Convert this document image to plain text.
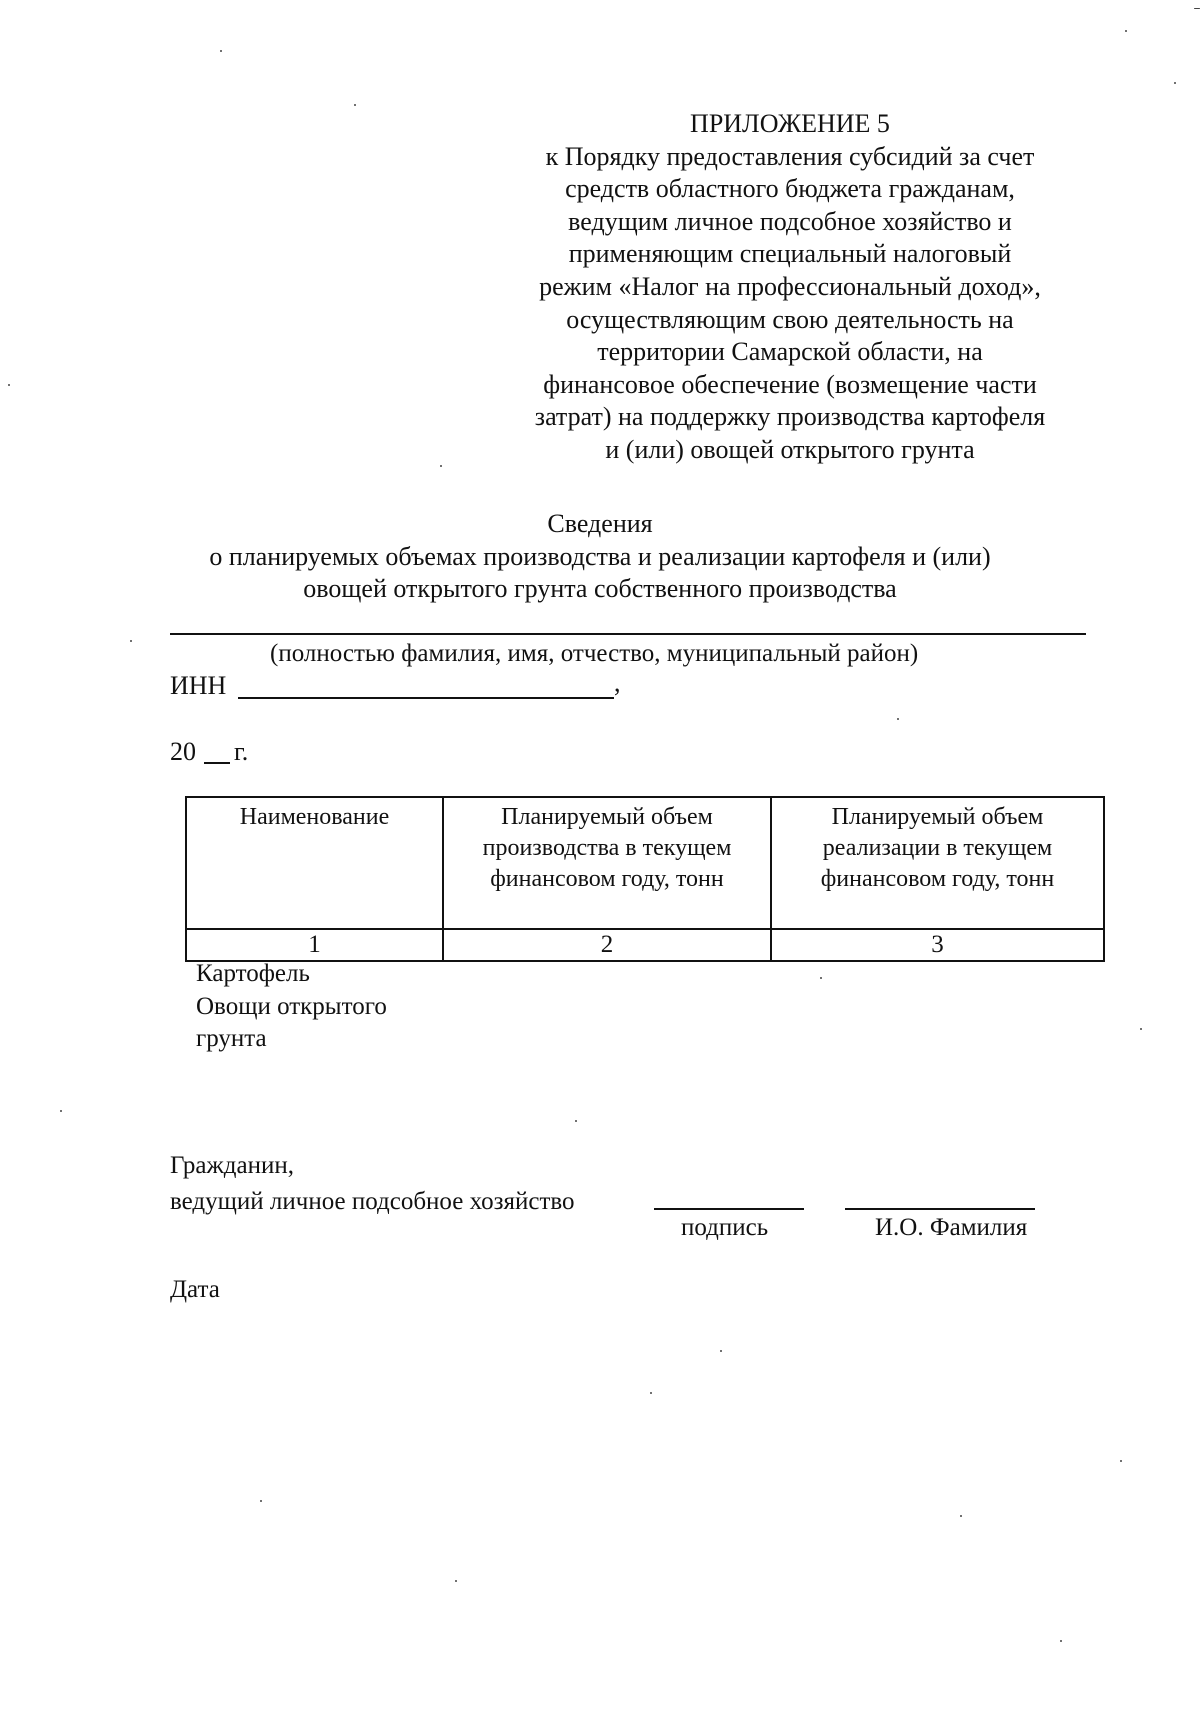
ПРИЛОЖЕНИЕ 5
к Порядку предоставления субсидий за счет
средств областного бюджета гражданам,
ведущим личное подсобное хозяйство и
применяющим специальный налоговый
режим «Налог на профессиональный доход»,
осуществляющим свою деятельность на
территории Самарской области, на
финансовое обеспечение (возмещение части
затрат) на поддержку производства картофеля
и (или) овощей открытого грунта
Сведения
о планируемых объемах производства и реализации картофеля и (или)
овощей открытого грунта собственного производства
(полностью фамилия, имя, отчество, муниципальный район)
ИНН	,
20 г.
Наименование	Планируемый объем производства в текущем финансовом году, тонн	Планируемый объем реализации в текущем финансовом году, тонн
1	2	3
Картофель
Овощи открытого грунта
Гражданин,
ведущий личное подсобное хозяйство
подпись	И.О. Фамилия
Дата
